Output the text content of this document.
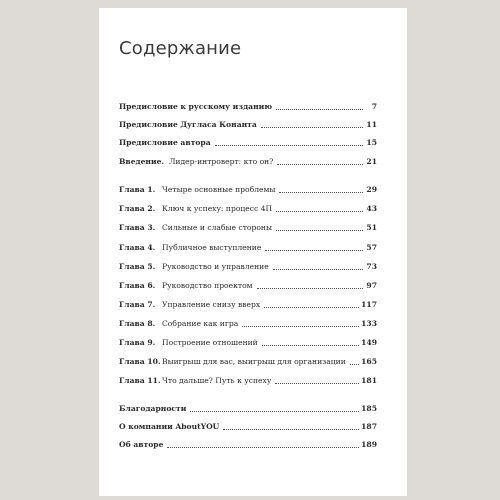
Содержание
Предисловие к русскому изданию	7
Предисловие Дугласа Конанта	11
Предисловие автора	15
Введение. Лидер-интроверт: кто он?	21
Глава 1. Четыре основные проблемы	29
Глава 2. Ключ к успеху: процесс 4П	43
Глава 3. Сильные и слабые стороны	51
Глава 4. Публичное выступление	57
Глава 5. Руководство и управление	73
Глава 6. Руководство проектом	97
Глава 7. Управление снизу вверх	117
Глава 8. Собрание как игра	133
Глава 9. Построение отношений	149
Глава 10. Выигрыш для вас, выигрыш для организации 165
Глава 11. Что дальше? Путь к успеху	181
Благодарности	185
О компании AboutYOU	187
Об авторе	189
